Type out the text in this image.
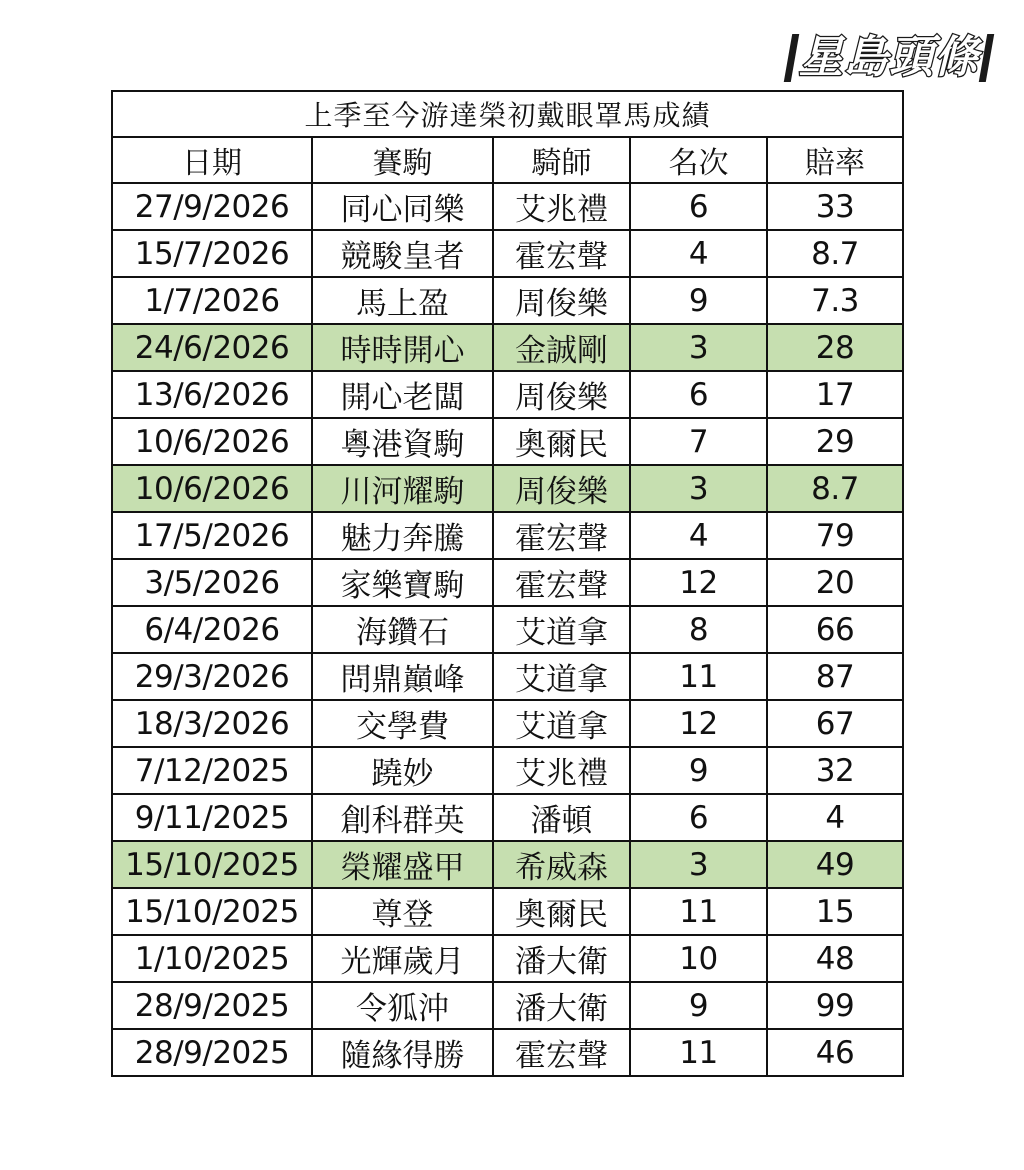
星島頭條
上季至今游達榮初戴眼罩馬成績				
日期	賽駒	騎師	名次	賠率
27/9/2026	同心同樂	艾兆禮	6	33
15/7/2026	競駿皇者	霍宏聲	4	8.7
1/7/2026	馬上盈	周俊樂	9	7.3
24/6/2026	時時開心	金誠剛	3	28
13/6/2026	開心老闆	周俊樂	6	17
10/6/2026	粵港資駒	奧爾民	7	29
10/6/2026	川河耀駒	周俊樂	3	8.7
17/5/2026	魅力奔騰	霍宏聲	4	79
3/5/2026	家樂寶駒	霍宏聲	12	20
6/4/2026	海鑽石	艾道拿	8	66
29/3/2026	問鼎巔峰	艾道拿	11	87
18/3/2026	交學費	艾道拿	12	67
7/12/2025	蹺妙	艾兆禮	9	32
9/11/2025	創科群英	潘頓	6	4
15/10/2025	榮耀盛甲	希威森	3	49
15/10/2025	尊登	奧爾民	11	15
1/10/2025	光輝歲月	潘大衛	10	48
28/9/2025	令狐沖	潘大衛	9	99
28/9/2025	隨緣得勝	霍宏聲	11	46
